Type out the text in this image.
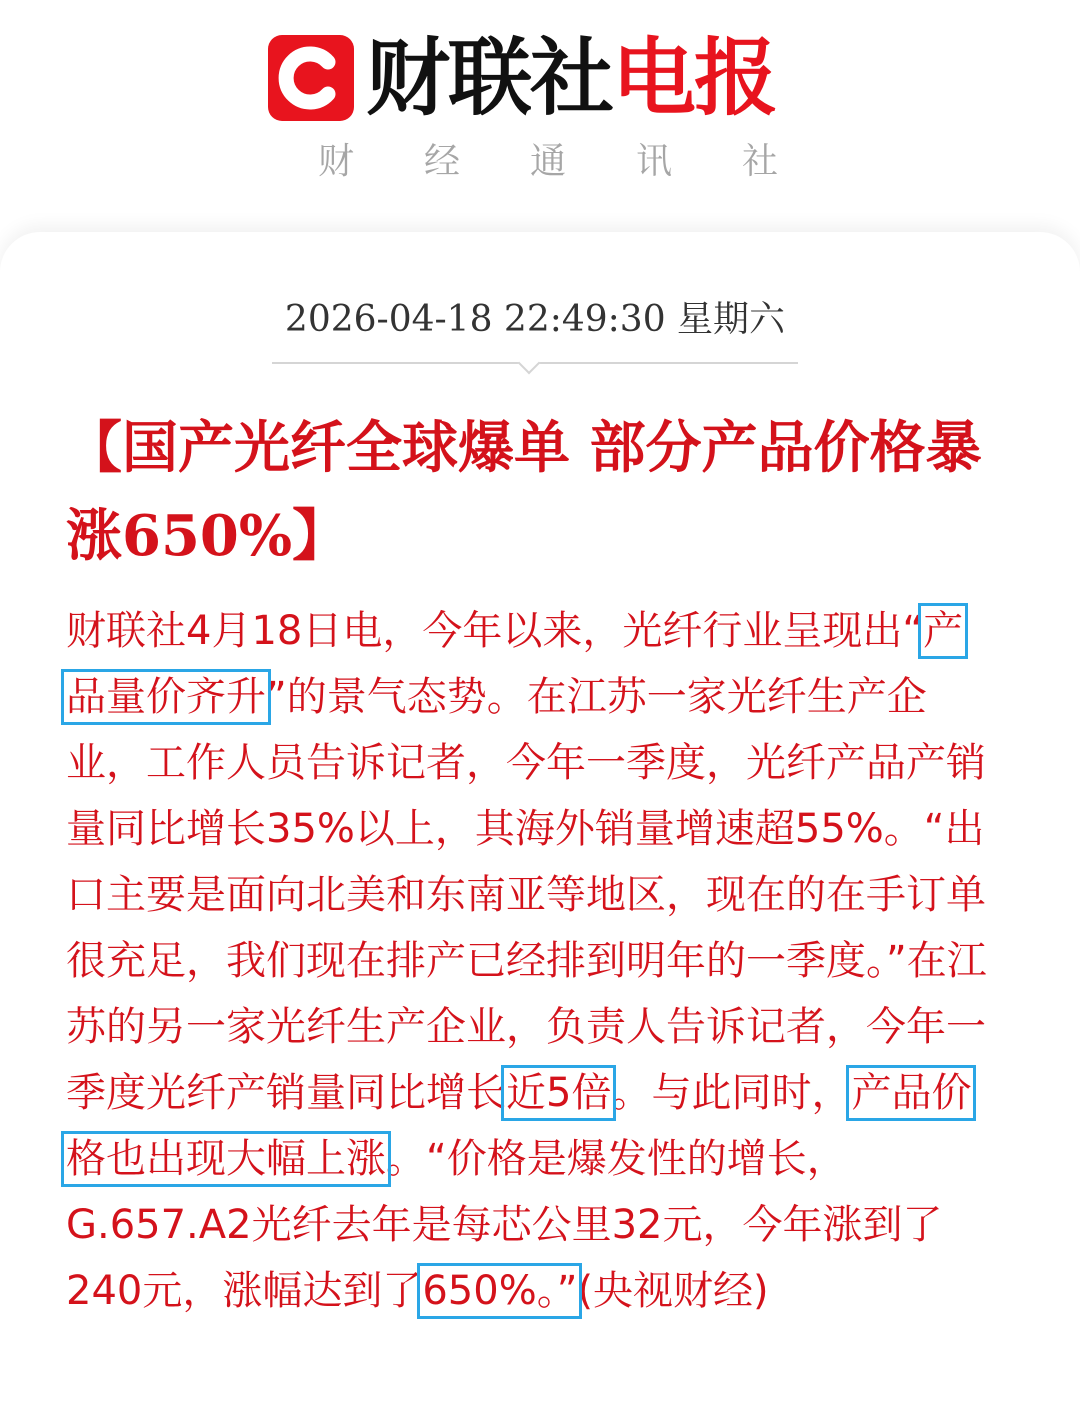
财联社 电报
财 经 通 讯 社
2026-04-18 22:49:30 星期六
【国产光纤全球爆单 部分产品价格暴涨650%】

财联社4月18日电，今年以来，光纤行业呈现出“产品量价齐升”的景气态势。在江苏一家光纤生产企业，工作人员告诉记者，今年一季度，光纤产品产销量同比增长35%以上，其海外销量增速超55%。“出口主要是面向北美和东南亚等地区，现在的在手订单很充足，我们现在排产已经排到明年的一季度。”在江苏的另一家光纤生产企业，负责人告诉记者，今年一季度光纤产销量同比增长近5倍。与此同时，产品价格也出现大幅上涨。“价格是爆发性的增长，G.657.A2光纤去年是每芯公里32元，今年涨到了240元，涨幅达到了650%。”(央视财经)
